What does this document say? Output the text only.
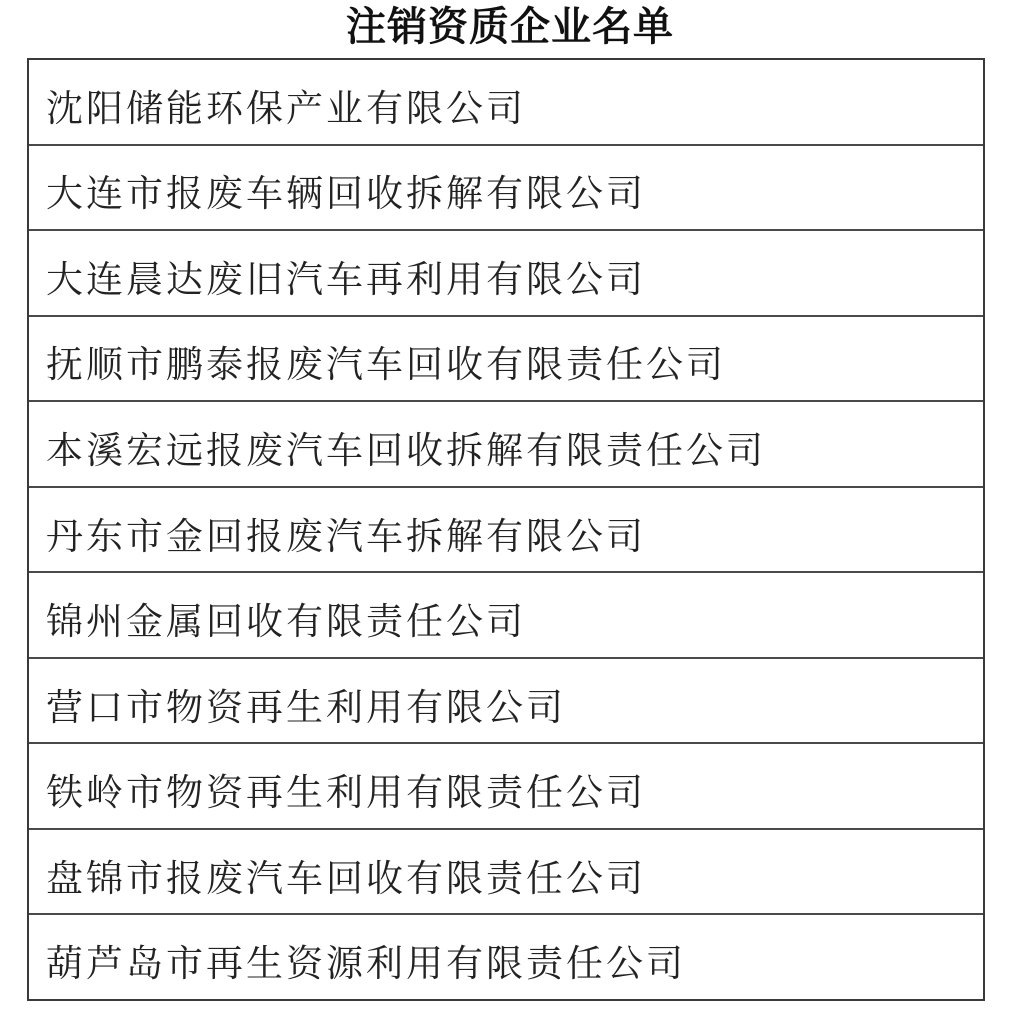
注销资质企业名单
沈阳储能环保产业有限公司
大连市报废车辆回收拆解有限公司
大连晨达废旧汽车再利用有限公司
抚顺市鹏泰报废汽车回收有限责任公司
本溪宏远报废汽车回收拆解有限责任公司
丹东市金回报废汽车拆解有限公司
锦州金属回收有限责任公司
营口市物资再生利用有限公司
铁岭市物资再生利用有限责任公司
盘锦市报废汽车回收有限责任公司
葫芦岛市再生资源利用有限责任公司
